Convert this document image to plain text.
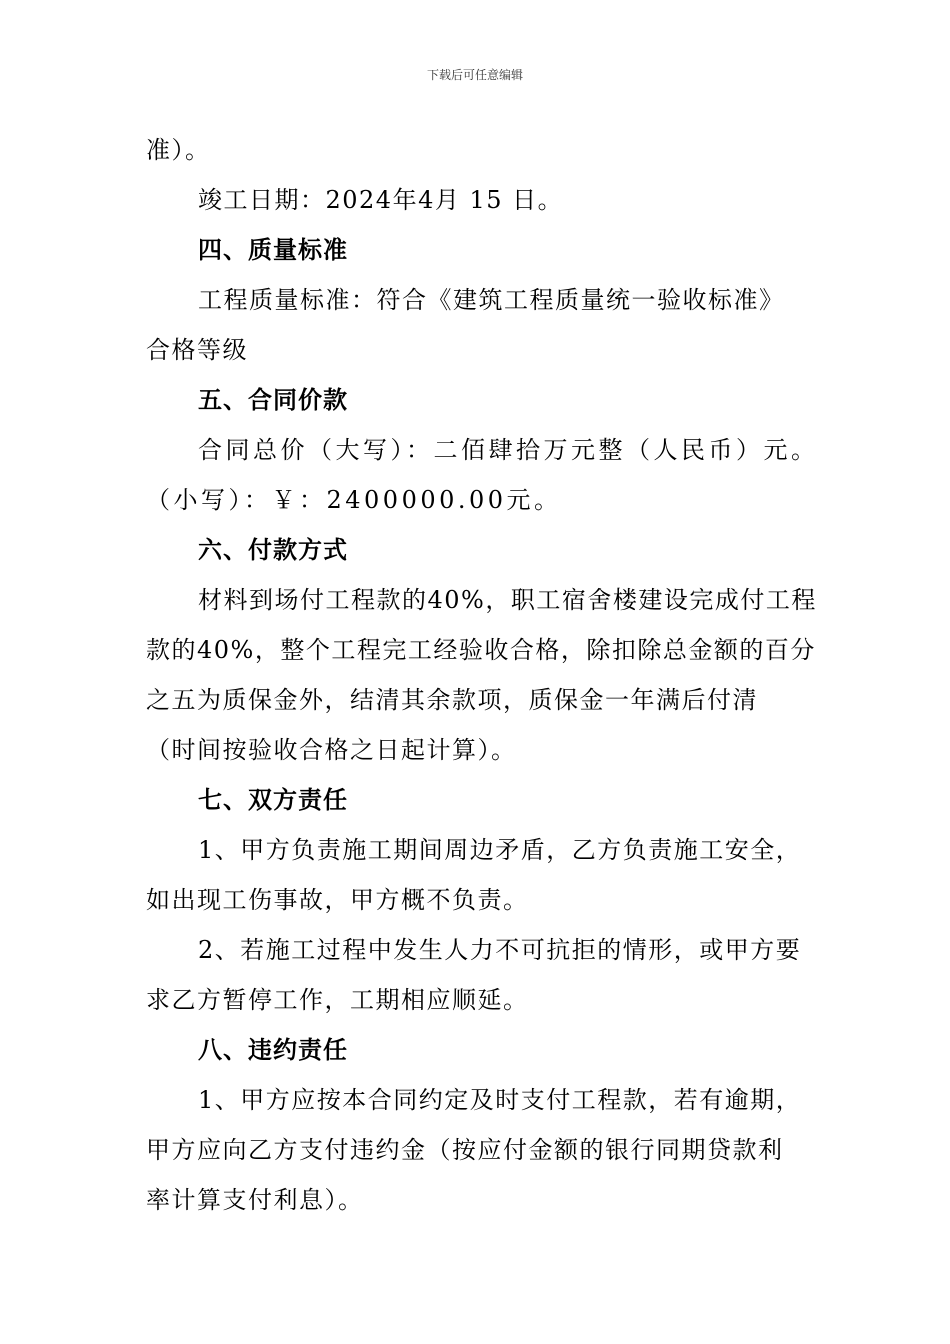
下载后可任意编辑
准）。
竣工日期：2024年4月 15 日。
四、质量标准
工程质量标准：符合《建筑工程质量统一验收标准》
合格等级
五、合同价款
合同总价（大写）：二佰肆拾万元整（人民币）元。
（小写）：￥：2400000.00元。
六、付款方式
材料到场付工程款的40%，职工宿舍楼建设完成付工程
款的40%，整个工程完工经验收合格，除扣除总金额的百分
之五为质保金外，结清其余款项，质保金一年满后付清
（时间按验收合格之日起计算）。
七、双方责任
1、甲方负责施工期间周边矛盾，乙方负责施工安全，
如出现工伤事故，甲方概不负责。
2、若施工过程中发生人力不可抗拒的情形，或甲方要
求乙方暂停工作，工期相应顺延。
八、违约责任
1、甲方应按本合同约定及时支付工程款，若有逾期，
甲方应向乙方支付违约金（按应付金额的银行同期贷款利
率计算支付利息）。
